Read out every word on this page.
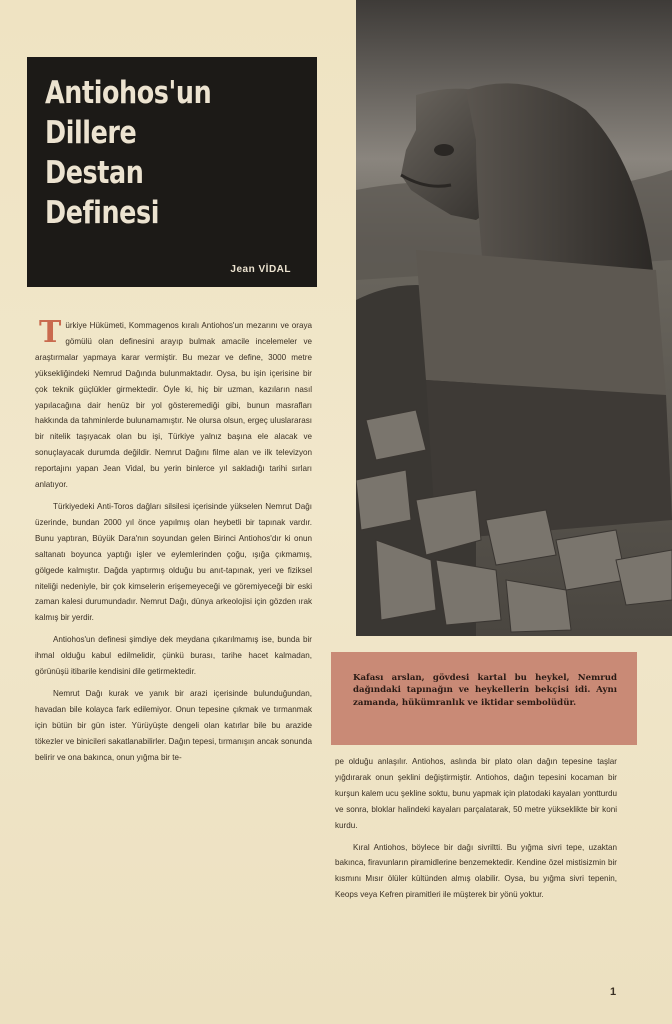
Antiohos'un
Dillere
Destan
Definesi
Jean VİDAL

Türkiye Hükümeti, Kommagenos kıralı Antiohos'un mezarını ve oraya gömülü olan definesini arayıp bulmak amacile incelemeler ve araştırmalar yapmaya karar vermiştir. Bu mezar ve define, 3000 metre yüksekliğindeki Nemrud Dağında bulunmaktadır. Oysa, bu işin içerisine bir çok teknik güçlükler girmektedir. Öyle ki, hiç bir uzman, kazıların nasıl yapılacağına dair henüz bir yol gösteremediği gibi, bunun masrafları hakkında da tahminlerde bulunamamıştır. Ne olursa olsun, ergeç uluslararası bir nitelik taşıyacak olan bu işi, Türkiye yalnız başına ele alacak ve sonuçlayacak durumda değildir. Nemrut Dağını filme alan ve ilk televizyon reportajını yapan Jean Vidal, bu yerin binlerce yıl sakladığı tarihi sırları anlatıyor.

Türkiyedeki Anti-Toros dağları silsilesi içerisinde yükselen Nemrut Dağı üzerinde, bundan 2000 yıl önce yapılmış olan heybetli bir tapınak vardır. Bunu yaptıran, Büyük Dara'nın soyundan gelen Birinci Antiohos'dır ki onun saltanatı boyunca yaptığı işler ve eylemlerinden çoğu, ışığa çıkmamış, gölgede kalmıştır. Dağda yaptırmış olduğu bu anıt-tapınak, yeri ve fiziksel niteliği nedeniyle, bir çok kimselerin erişemeyeceği ve göremiyeceği bir eski zaman kalesi durumundadır. Nemrut Dağı, dünya arkeolojisi için gözden ırak kalmış bir yerdir.

Antiohos'un definesi şimdiye dek meydana çıkarılmamış ise, bunda bir ihmal olduğu kabul edilmelidir, çünkü burası, tarihe hacet kalmadan, görünüşü itibarile kendisini dile getirmektedir.

Nemrut Dağı kurak ve yanık bir arazi içerisinde bulunduğundan, havadan bile kolayca fark edilemiyor. Onun tepesine çıkmak ve tırmanmak için bütün bir gün ister. Yürüyüşte dengeli olan katırlar bile bu arazide tökezler ve binicileri sakatlanabilirler. Dağın tepesi, tırmanışın ancak sonunda belirir ve ona bakınca, onun yığma bir te-

Kafası arslan, gövdesi kartal bu heykel, Nemrud dağındaki tapınağın ve heykellerin bekçisi idi. Aynı zamanda, hükümranlık ve iktidar sembolüdür.

pe olduğu anlaşılır. Antiohos, aslında bir plato olan dağın tepesine taşlar yığdırarak onun şeklini değiştirmiştir. Antiohos, dağın tepesini kocaman bir kurşun kalem ucu şekline soktu, bunu yapmak için platodaki kayaları yontturdu ve sonra, bloklar halindeki kayaları parçalatarak, 50 metre yükseklikte bir koni kurdu.

Kıral Antiohos, böylece bir dağı sivriltti. Bu yığma sivri tepe, uzaktan bakınca, firavunların piramidlerine benzemektedir. Kendine özel mistisizmin bir kısmını Mısır ölüler kültünden almış olabilir. Oysa, bu yığma sivri tepenin, Keops veya Kefren piramitleri ile müşterek bir yönü yoktur.

1
